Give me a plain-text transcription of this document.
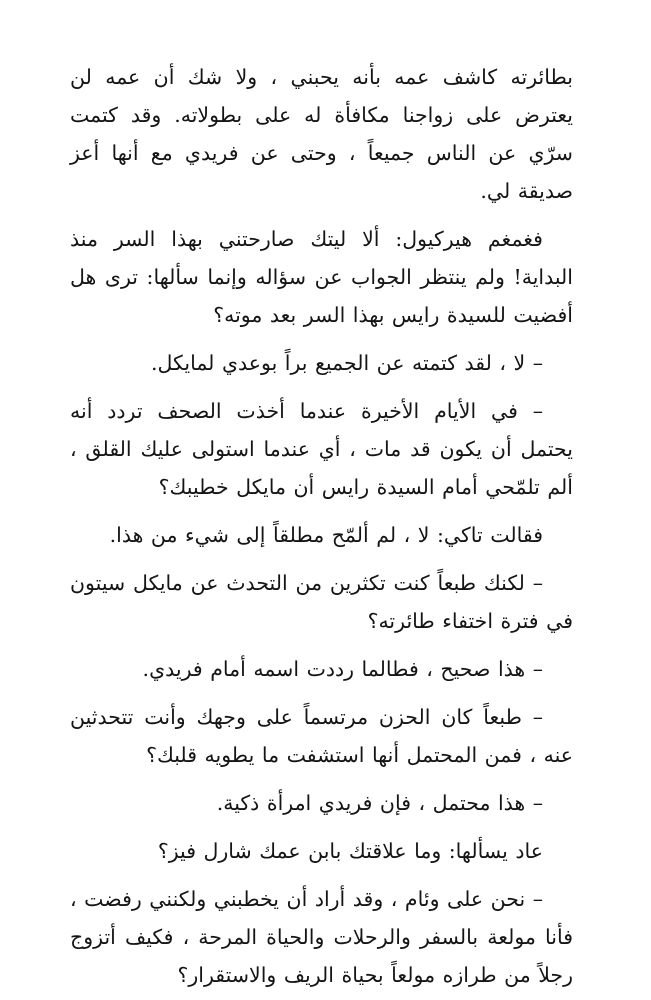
بطائرته كاشف عمه بأنه يحبني ، ولا شك أن عمه لن يعترض على زواجنا مكافأة له على بطولاته. وقد كتمت سرّي عن الناس جميعاً ، وحتى عن فريدي مع أنها أعز صديقة لي.

فغمغم هيركيول: ألا ليتك صارحتني بهذا السر منذ البداية! ولم ينتظر الجواب عن سؤاله وإنما سألها: ترى هل أفضيت للسيدة رايس بهذا السر بعد موته؟

– لا ، لقد كتمته عن الجميع براً بوعدي لمايكل.

– في الأيام الأخيرة عندما أخذت الصحف تردد أنه يحتمل أن يكون قد مات ، أي عندما استولى عليك القلق ، ألم تلمّحي أمام السيدة رايس أن مايكل خطيبك؟

فقالت تاكي: لا ، لم ألمّح مطلقاً إلى شيء من هذا.

– لكنك طبعاً كنت تكثرين من التحدث عن مايكل سيتون في فترة اختفاء طائرته؟

– هذا صحيح ، فطالما رددت اسمه أمام فريدي.

– طبعاً كان الحزن مرتسماً على وجهك وأنت تتحدثين عنه ، فمن المحتمل أنها استشفت ما يطويه قلبك؟

– هذا محتمل ، فإن فريدي امرأة ذكية.

عاد يسألها: وما علاقتك بابن عمك شارل فيز؟

– نحن على وئام ، وقد أراد أن يخطبني ولكنني رفضت ، فأنا مولعة بالسفر والرحلات والحياة المرحة ، فكيف أتزوج رجلاً من طرازه مولعاً بحياة الريف والاستقرار؟
